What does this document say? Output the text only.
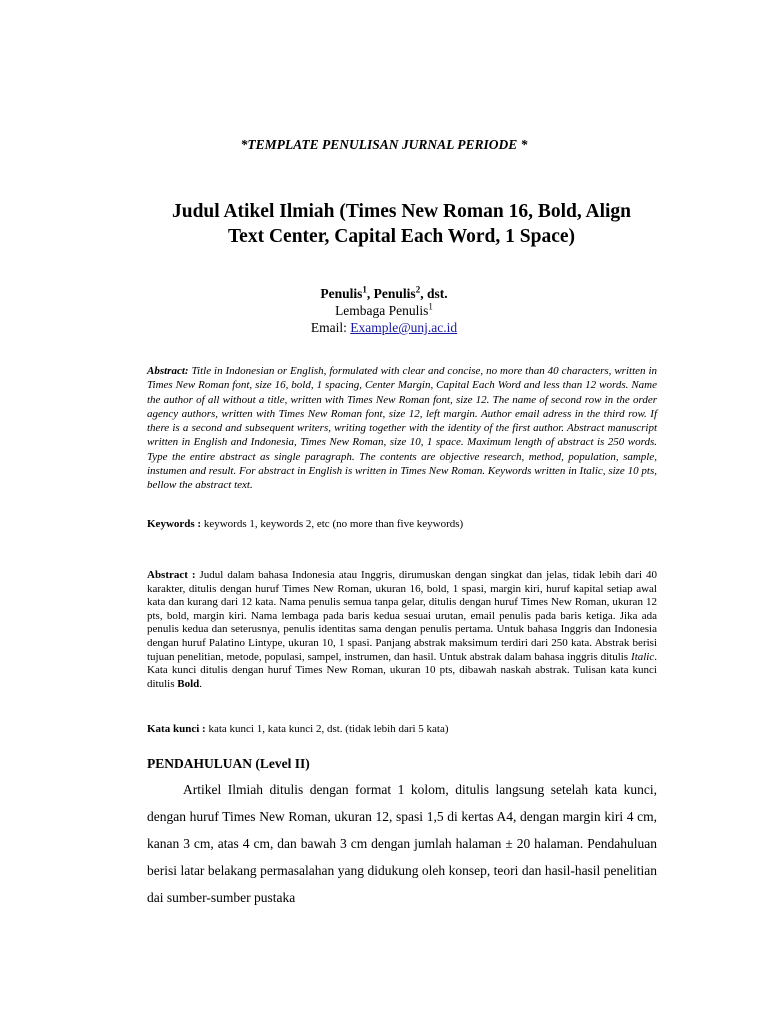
*TEMPLATE PENULISAN JURNAL PERIODE *
Judul Atikel Ilmiah (Times New Roman 16, Bold, Align
Text Center, Capital Each Word, 1 Space)
Penulis$^1$, Penulis$^2$, dst.
Lembaga Penulis$^1$
Email: Example@unj.ac.id

Abstract: Title in Indonesian or English, formulated with clear and concise, no more than 40 characters, written in Times New Roman font, size 16, bold, 1 spacing, Center Margin, Capital Each Word and less than 12 words. Name the author of all without a title, written with Times New Roman font, size 12. The name of second row in the order agency authors, written with Times New Roman font, size 12, left margin. Author email adress in the third row. If there is a second and subsequent writers, writing together with the identity of the first author. Abstract manuscript written in English and Indonesia, Times New Roman, size 10, 1 space. Maximum length of abstract is 250 words. Type the entire abstract as single paragraph. The contents are objective research, method, population, sample, instumen and result. For abstract in English is written in Times New Roman. Keywords written in Italic, size 10 pts, bellow the abstract text.

Keywords : keywords 1, keywords 2, etc (no more than five keywords)

Abstract : Judul dalam bahasa Indonesia atau Inggris, dirumuskan dengan singkat dan jelas, tidak lebih dari 40 karakter, ditulis dengan huruf Times New Roman, ukuran 16, bold, 1 spasi, margin kiri, huruf kapital setiap awal kata dan kurang dari 12 kata. Nama penulis semua tanpa gelar, ditulis dengan huruf Times New Roman, ukuran 12 pts, bold, margin kiri. Nama lembaga pada baris kedua sesuai urutan, email penulis pada baris ketiga. Jika ada penulis kedua dan seterusnya, penulis identitas sama dengan penulis pertama. Untuk bahasa Inggris dan Indonesia dengan huruf Palatino Lintype, ukuran 10, 1 spasi. Panjang abstrak maksimum terdiri dari 250 kata. Abstrak berisi tujuan penelitian, metode, populasi, sampel, instrumen, dan hasil. Untuk abstrak dalam bahasa inggris ditulis Italic. Kata kunci ditulis dengan huruf Times New Roman, ukuran 10 pts, dibawah naskah abstrak. Tulisan kata kunci ditulis Bold.

Kata kunci : kata kunci 1, kata kunci 2, dst. (tidak lebih dari 5 kata)

PENDAHULUAN (Level II)

Artikel Ilmiah ditulis dengan format 1 kolom, ditulis langsung setelah kata kunci, dengan huruf Times New Roman, ukuran 12, spasi 1,5 di kertas A4, dengan margin kiri 4 cm, kanan 3 cm, atas 4 cm, dan bawah 3 cm dengan jumlah halaman ± 20 halaman. Pendahuluan berisi latar belakang permasalahan yang didukung oleh konsep, teori dan hasil-hasil penelitian dai sumber-sumber pustaka
